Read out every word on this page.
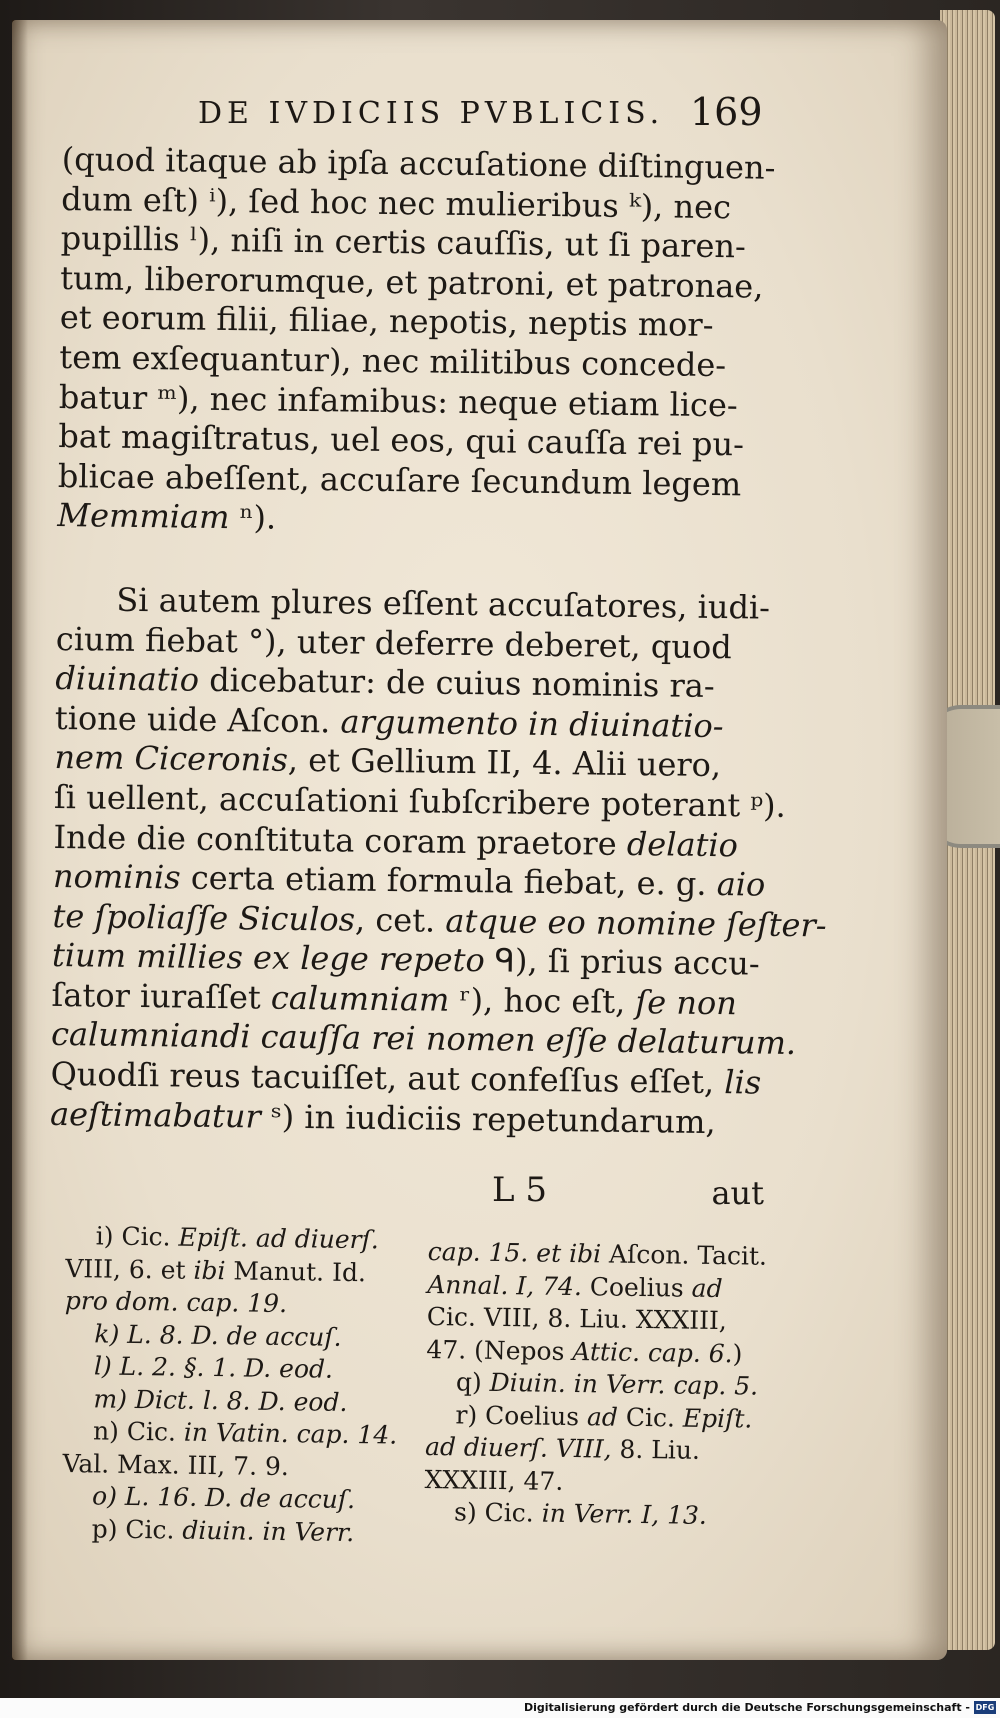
DE IVDICIIS PVBLICIS. 169
(quod itaque ab ipſa accuſatione diſtinguen-
dum eſt) ⁱ), ſed hoc nec mulieribus ᵏ), nec
pupillis ˡ), niſi in certis cauſſis, ut ſi paren-
tum, liberorumque, et patroni, et patronae,
et eorum filii, filiae, nepotis, neptis mor-
tem exſequantur), nec militibus concede-
batur ᵐ), nec infamibus: neque etiam lice-
bat magiſtratus, uel eos, qui cauſſa rei pu-
blicae abeſſent, accuſare ſecundum legem
Memmiam ⁿ).
Si autem plures eſſent accuſatores, iudi-
cium fiebat °), uter deferre deberet, quod
diuinatio dicebatur: de cuius nominis ra-
tione uide Aſcon. argumento in diuinatio-
nem Ciceronis, et Gellium II, 4. Alii uero,
ſi uellent, accuſationi ſubſcribere poterant ᵖ).
Inde die conſtituta coram praetore delatio
nominis certa etiam formula fiebat, e. g. aio
te ſpoliaſſe Siculos, cet. atque eo nomine ſeſter-
tium millies ex lege repeto ᑫ), ſi prius accu-
ſator iuraſſet calumniam ʳ), hoc eſt, ſe non
calumniandi cauſſa rei nomen eſſe delaturum.
Quodſi reus tacuiſſet, aut confeſſus eſſet, lis
aeſtimabatur ˢ) in iudiciis repetundarum,
L 5	aut
i) Cic. Epiſt. ad diuerſ.
VIII, 6. et ibi Manut. Id.
pro dom. cap. 19.
k) L. 8. D. de accuſ.
l) L. 2. §. 1. D. eod.
m) Dict. l. 8. D. eod.
n) Cic. in Vatin. cap. 14.
Val. Max. III, 7. 9.
o) L. 16. D. de accuſ.
p) Cic. diuin. in Verr.
cap. 15. et ibi Aſcon. Tacit.
Annal. I, 74. Coelius ad
Cic. VIII, 8. Liu. XXXIII,
47. (Nepos Attic. cap. 6.)
q) Diuin. in Verr. cap. 5.
r) Coelius ad Cic. Epiſt.
ad diuerſ. VIII, 8. Liu.
XXXIII, 47.
s) Cic. in Verr. I, 13.
Digitalisierung gefördert durch die Deutsche Forschungsgemeinschaft - DFG
